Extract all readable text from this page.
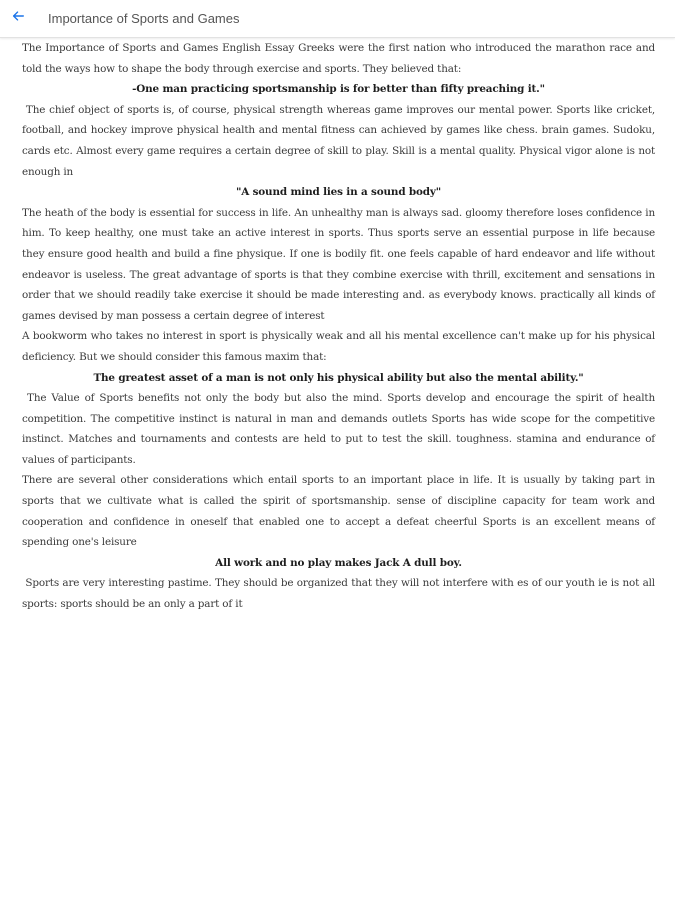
Importance of Sports and Games

The Importance of Sports and Games English Essay Greeks were the first nation who introduced the marathon race and told the ways how to shape the body through exercise and sports. They believed that:

-One man practicing sportsmanship is for better than fifty preaching it."

The chief object of sports is, of course, physical strength whereas game improves our mental power. Sports like cricket, football, and hockey improve physical health and mental fitness can achieved by games like chess. brain games. Sudoku, cards etc. Almost every game requires a certain degree of skill to play. Skill is a mental quality. Physical vigor alone is not enough in

"A sound mind lies in a sound body"

The heath of the body is essential for success in life. An unhealthy man is always sad. gloomy therefore loses confidence in him. To keep healthy, one must take an active interest in sports. Thus sports serve an essential purpose in life because they ensure good health and build a fine physique. If one is bodily fit. one feels capable of hard endeavor and life without endeavor is useless. The great advantage of sports is that they combine exercise with thrill, excitement and sensations in order that we should readily take exercise it should be made interesting and. as everybody knows. practically all kinds of games devised by man possess a certain degree of interest

A bookworm who takes no interest in sport is physically weak and all his mental excellence can't make up for his physical deficiency. But we should consider this famous maxim that:

The greatest asset of a man is not only his physical ability but also the mental ability."

The Value of Sports benefits not only the body but also the mind. Sports develop and encourage the spirit of health competition. The competitive instinct is natural in man and demands outlets Sports has wide scope for the competitive instinct. Matches and tournaments and contests are held to put to test the skill. toughness. stamina and endurance of values of participants.

There are several other considerations which entail sports to an important place in life. It is usually by taking part in sports that we cultivate what is called the spirit of sportsmanship. sense of discipline capacity for team work and cooperation and confidence in oneself that enabled one to accept a defeat cheerful Sports is an excellent means of spending one's leisure

All work and no play makes Jack A dull boy.

Sports are very interesting pastime. They should be organized that they will not interfere with es of our youth ie is not all sports: sports should be an only a part of it
